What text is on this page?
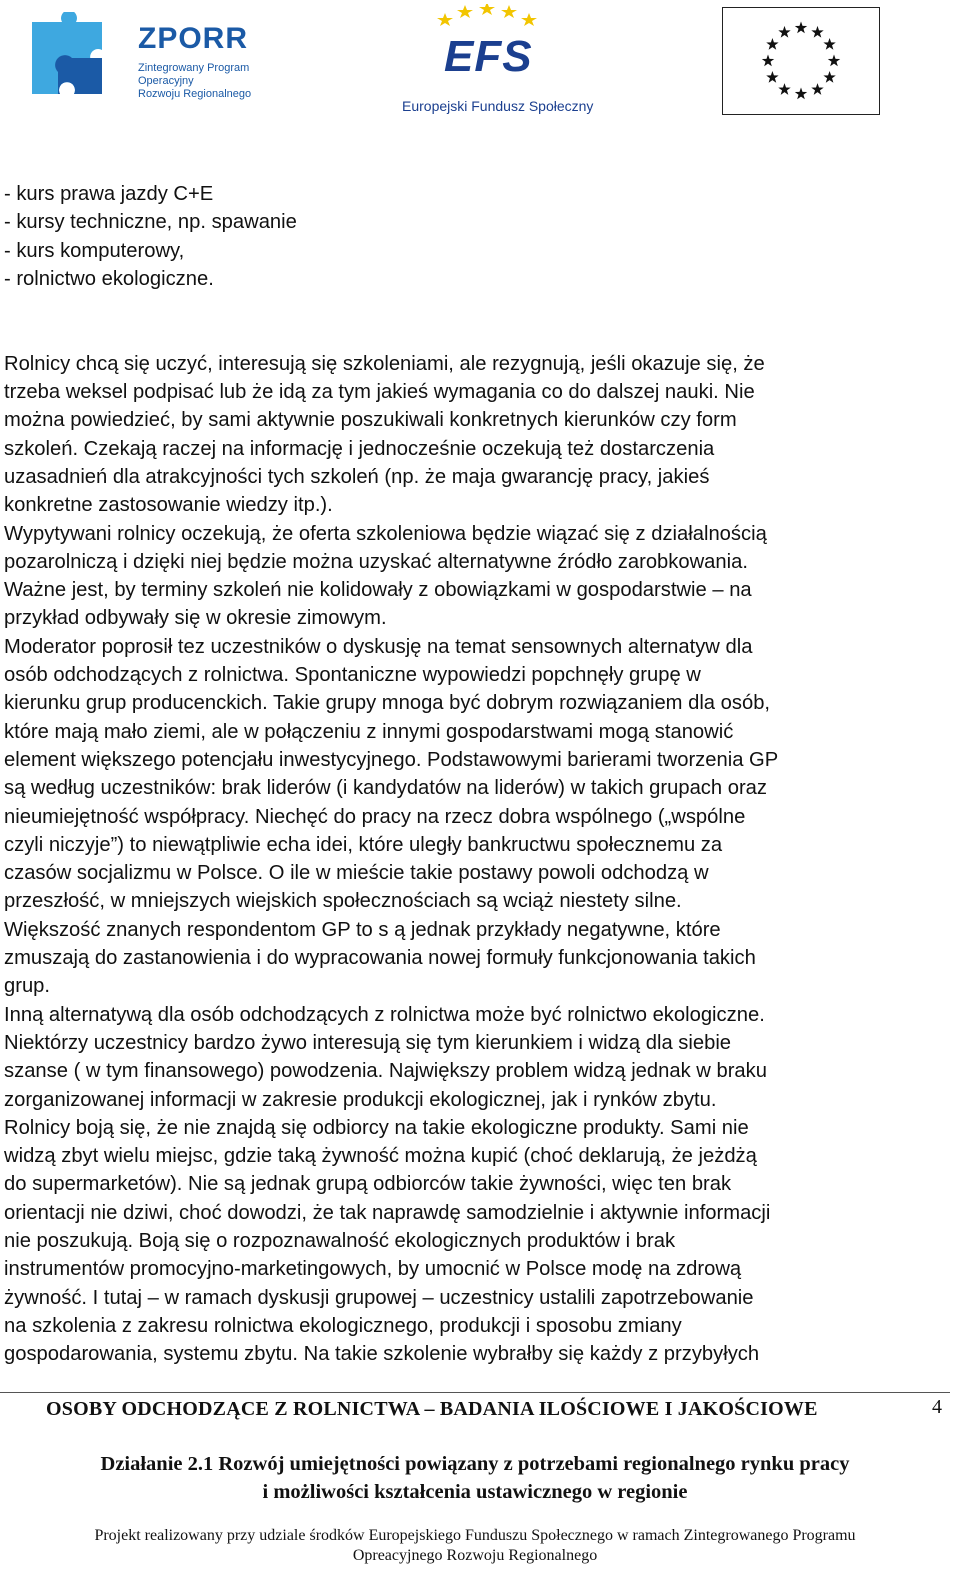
ZPORR
Zintegrowany Program
Operacyjny
Rozwoju Regionalnego
EFS
Europejski Fundusz Społeczny

- kurs prawa jazdy C+E

- kursy techniczne, np. spawanie

- kurs komputerowy,

- rolnictwo ekologiczne.

Rolnicy chcą się uczyć, interesują się szkoleniami, ale rezygnują, jeśli okazuje się, że

trzeba weksel podpisać lub że idą za tym jakieś wymagania co do dalszej nauki. Nie

można powiedzieć, by sami aktywnie poszukiwali konkretnych kierunków czy form

szkoleń. Czekają raczej na informację i jednocześnie oczekują też dostarczenia

uzasadnień dla atrakcyjności tych szkoleń (np. że maja gwarancję pracy, jakieś

konkretne zastosowanie wiedzy itp.).

Wypytywani rolnicy oczekują, że oferta szkoleniowa będzie wiązać się z działalnością

pozarolniczą i dzięki niej będzie można uzyskać alternatywne źródło zarobkowania.

Ważne jest, by terminy szkoleń nie kolidowały z obowiązkami w gospodarstwie – na

przykład odbywały się w okresie zimowym.

Moderator poprosił tez uczestników o dyskusję na temat sensownych alternatyw dla

osób odchodzących z rolnictwa. Spontaniczne wypowiedzi popchnęły grupę w

kierunku grup producenckich. Takie grupy mnoga być dobrym rozwiązaniem dla osób,

które mają mało ziemi, ale w połączeniu z innymi gospodarstwami mogą stanowić

element większego potencjału inwestycyjnego. Podstawowymi barierami tworzenia GP

są według uczestników: brak liderów (i kandydatów na liderów) w takich grupach oraz

nieumiejętność współpracy. Niechęć do pracy na rzecz dobra wspólnego („wspólne

czyli niczyje”) to niewątpliwie echa idei, które uległy bankructwu społecznemu za

czasów socjalizmu w Polsce. O ile w mieście takie postawy powoli odchodzą w

przeszłość, w mniejszych wiejskich społecznościach są wciąż niestety silne.

Większość znanych respondentom GP to s ą jednak przykłady negatywne, które

zmuszają do zastanowienia i do wypracowania nowej formuły funkcjonowania takich

grup.

Inną alternatywą dla osób odchodzących z rolnictwa może być rolnictwo ekologiczne.

Niektórzy uczestnicy bardzo żywo interesują się tym kierunkiem i widzą dla siebie

szanse ( w tym finansowego) powodzenia. Największy problem widzą jednak w braku

zorganizowanej informacji w zakresie produkcji ekologicznej, jak i rynków zbytu.

Rolnicy boją się, że nie znajdą się odbiorcy na takie ekologiczne produkty. Sami nie

widzą zbyt wielu miejsc, gdzie taką żywność można kupić (choć deklarują, że jeżdżą

do supermarketów). Nie są jednak grupą odbiorców takie żywności, więc ten brak

orientacji nie dziwi, choć dowodzi, że tak naprawdę samodzielnie i aktywnie informacji

nie poszukują. Boją się o rozpoznawalność ekologicznych produktów i brak

instrumentów promocyjno-marketingowych, by umocnić w Polsce modę na zdrową

żywność. I tutaj – w ramach dyskusji grupowej – uczestnicy ustalili zapotrzebowanie

na szkolenia z zakresu rolnictwa ekologicznego, produkcji i sposobu zmiany

gospodarowania, systemu zbytu. Na takie szkolenie wybrałby się każdy z przybyłych

OSOBY ODCHODZĄCE Z ROLNICTWA – BADANIA ILOŚCIOWE I JAKOŚCIOWE	4
Działanie 2.1 Rozwój umiejętności powiązany z potrzebami regionalnego rynku pracy
i możliwości kształcenia ustawicznego w regionie
Projekt realizowany przy udziale środków Europejskiego Funduszu Społecznego w ramach Zintegrowanego Programu
Opreacyjnego Rozwoju Regionalnego
